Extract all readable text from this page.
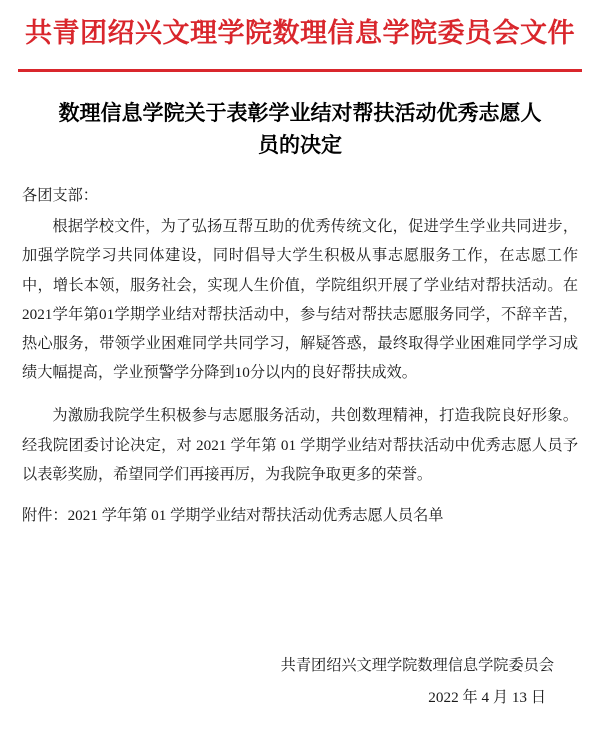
共青团绍兴文理学院数理信息学院委员会文件
数理信息学院关于表彰学业结对帮扶活动优秀志愿人员的决定

各团支部：

根据学校文件，为了弘扬互帮互助的优秀传统文化，促进学生学业共同进步，加强学院学习共同体建设，同时倡导大学生积极从事志愿服务工作，在志愿工作中，增长本领，服务社会，实现人生价值，学院组织开展了学业结对帮扶活动。在2021学年第01学期学业结对帮扶活动中，参与结对帮扶志愿服务同学，不辞辛苦，热心服务，带领学业困难同学共同学习，解疑答惑，最终取得学业困难同学学习成绩大幅提高，学业预警学分降到10分以内的良好帮扶成效。

为激励我院学生积极参与志愿服务活动，共创数理精神，打造我院良好形象。经我院团委讨论决定，对 2021 学年第 01 学期学业结对帮扶活动中优秀志愿人员予以表彰奖励，希望同学们再接再厉，为我院争取更多的荣誉。

附件：2021 学年第 01 学期学业结对帮扶活动优秀志愿人员名单

共青团绍兴文理学院数理信息学院委员会
2022 年 4 月 13 日
